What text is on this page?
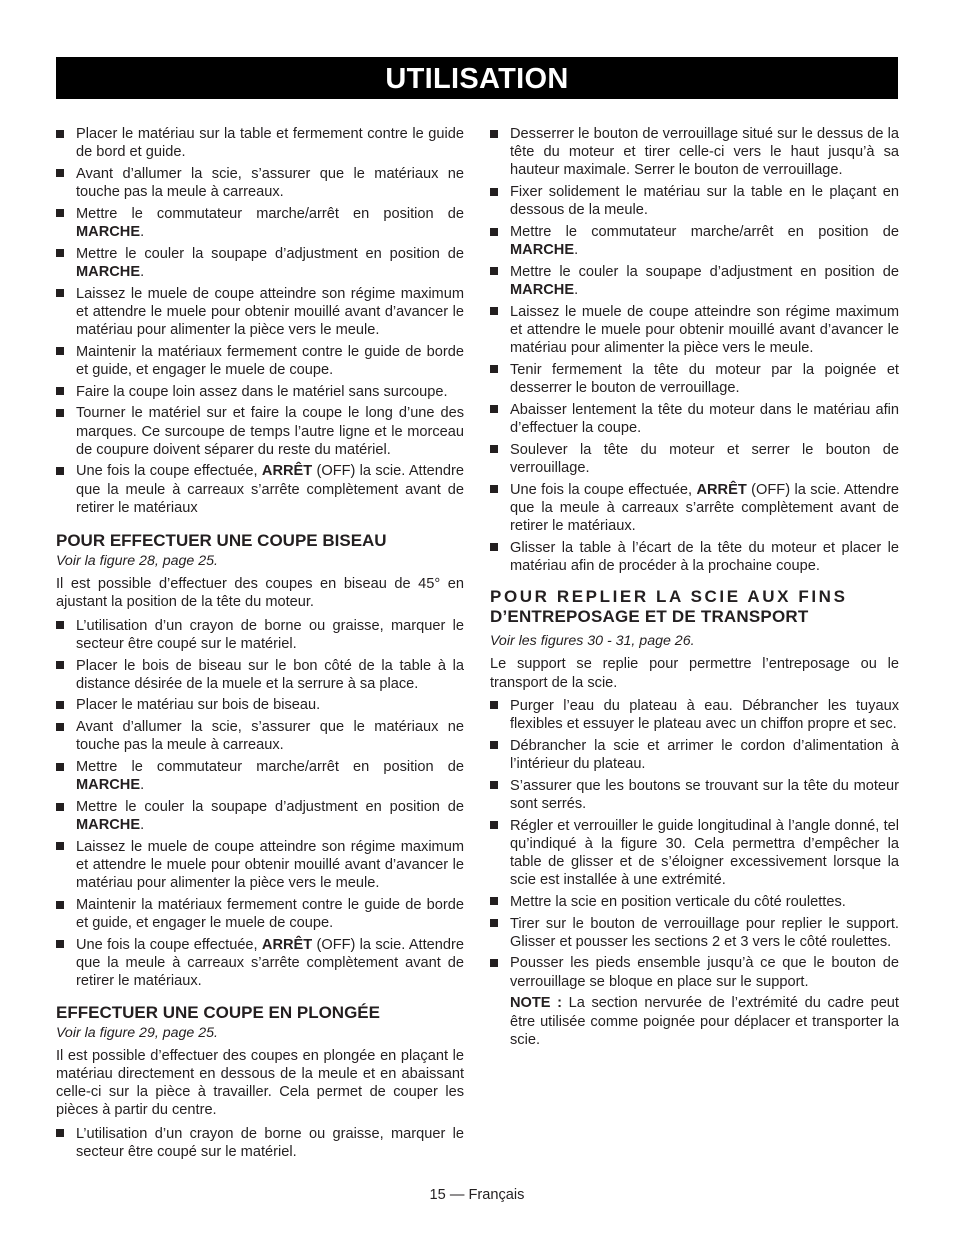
UTILISATION
Placer le matériau sur la table et fermement contre le guide de bord et guide.
Avant d’allumer la scie, s’assurer que le matériaux ne touche pas la meule à carreaux.
Mettre le commutateur marche/arrêt en position de MARCHE.
Mettre le couler la soupape d’adjustment en position de MARCHE.
Laissez le muele de coupe atteindre son régime maximum et attendre le muele pour obtenir mouillé avant d’avancer le matériau pour alimenter la pièce vers le meule.
Maintenir la matériaux fermement contre le guide de borde et guide, et engager le muele de coupe.
Faire la coupe loin assez dans le matériel sans surcoupe.
Tourner le matériel sur et faire la coupe le long d’une des marques. Ce surcoupe de temps l’autre ligne et le morceau de coupure doivent séparer du reste du matériel.
Une fois la coupe effectuée, ARRÊT (OFF) la scie. Attendre que la meule à carreaux s’arrête complètement avant de retirer le matériaux
POUR EFFECTUER UNE COUPE BISEAU
Voir la figure 28, page 25.
Il est possible d’effectuer des coupes en biseau de 45° en ajustant la position de la tête du moteur.
L’utilisation d’un crayon de borne ou graisse, marquer le secteur être coupé sur le matériel.
Placer le bois de biseau sur le bon côté de la table à la distance désirée de la muele et la serrure à sa place.
Placer le matériau sur bois de biseau.
Avant d’allumer la scie, s’assurer que le matériaux ne touche pas la meule à carreaux.
Mettre le commutateur marche/arrêt en position de MARCHE.
Mettre le couler la soupape d’adjustment en position de MARCHE.
Laissez le muele de coupe atteindre son régime maximum et attendre le muele pour obtenir mouillé avant d’avancer le matériau pour alimenter la pièce vers le meule.
Maintenir la matériaux fermement contre le guide de borde et guide, et engager le muele de coupe.
Une fois la coupe effectuée, ARRÊT (OFF) la scie. Attendre que la meule à carreaux s’arrête complètement avant de retirer le matériaux.
EFFECTUER UNE COUPE EN PLONGÉE
Voir la figure 29, page 25.
Il est possible d’effectuer des coupes en plongée en plaçant le matériau directement en dessous de la meule et en abaissant celle-ci sur la pièce à travailler. Cela permet de couper les pièces à partir du centre.
L’utilisation d’un crayon de borne ou graisse, marquer le secteur être coupé sur le matériel.
Desserrer le bouton de verrouillage situé sur le dessus de la tête du moteur et tirer celle-ci vers le haut jusqu’à sa hauteur maximale. Serrer le bouton de verrouillage.
Fixer solidement le matériau sur la table en le plaçant en dessous de la meule.
Mettre le commutateur marche/arrêt en position de MARCHE.
Mettre le couler la soupape d’adjustment en position de MARCHE.
Laissez le muele de coupe atteindre son régime maximum et attendre le muele pour obtenir mouillé avant d’avancer le matériau pour alimenter la pièce vers le meule.
Tenir fermement la tête du moteur par la poignée et desserrer le bouton de verrouillage.
Abaisser lentement la tête du moteur dans le matériau afin d’effectuer la coupe.
Soulever la tête du moteur et serrer le bouton de verrouillage.
Une fois la coupe effectuée, ARRÊT (OFF) la scie. Attendre que la meule à carreaux s’arrête complètement avant de retirer le matériaux.
Glisser la table à l’écart de la tête du moteur et placer le matériau afin de procéder à la prochaine coupe.
POUR REPLIER LA SCIE AUX FINS
D’ENTREPOSAGE ET DE TRANSPORT
Voir les figures 30 - 31, page 26.
Le support se replie pour permettre l’entreposage ou le transport de la scie.
Purger l’eau du plateau à eau. Débrancher les tuyaux flexibles et essuyer le plateau avec un chiffon propre et sec.
Débrancher la scie et arrimer le cordon d’alimentation à l’intérieur du plateau.
S’assurer que les boutons se trouvant sur la tête du moteur sont serrés.
Régler et verrouiller le guide longitudinal à l’angle donné, tel qu’indiqué à la figure 30. Cela permettra d’empêcher la table de glisser et de s’éloigner excessivement lorsque la scie est installée à une extrémité.
Mettre la scie en position verticale du côté roulettes.
Tirer sur le bouton de verrouillage pour replier le support. Glisser et pousser les sections 2 et 3 vers le côté roulettes.
Pousser les pieds ensemble jusqu’à ce que le bouton de verrouillage se bloque en place sur le support.
NOTE : La section nervurée de l’extrémité du cadre peut être utilisée comme poignée pour déplacer et transporter la scie.
15 — Français
